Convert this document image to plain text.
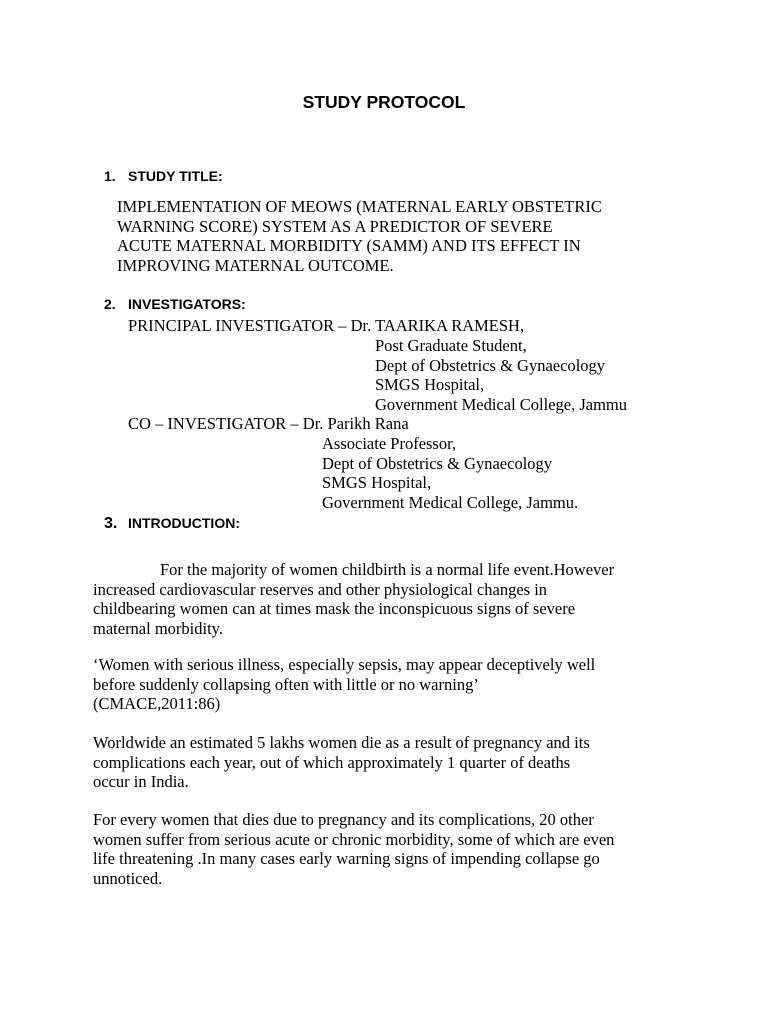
STUDY PROTOCOL
1. STUDY TITLE:
IMPLEMENTATION OF MEOWS (MATERNAL EARLY OBSTETRIC
WARNING SCORE) SYSTEM AS A PREDICTOR OF SEVERE
ACUTE MATERNAL MORBIDITY (SAMM) AND ITS EFFECT IN
IMPROVING MATERNAL OUTCOME.
2. INVESTIGATORS:
PRINCIPAL INVESTIGATOR – Dr. TAARIKA RAMESH,
Post Graduate Student,
Dept of Obstetrics & Gynaecology
SMGS Hospital,
Government Medical College, Jammu
CO – INVESTIGATOR – Dr. Parikh Rana
Associate Professor,
Dept of Obstetrics & Gynaecology
SMGS Hospital,
Government Medical College, Jammu.
3. INTRODUCTION:
For the majority of women childbirth is a normal life event.However
increased cardiovascular reserves and other physiological changes in
childbearing women can at times mask the inconspicuous signs of severe
maternal morbidity.
‘Women with serious illness, especially sepsis, may appear deceptively well
before suddenly collapsing often with little or no warning’
(CMACE,2011:86)
Worldwide an estimated 5 lakhs women die as a result of pregnancy and its
complications each year, out of which approximately 1 quarter of deaths
occur in India.
For every women that dies due to pregnancy and its complications, 20 other
women suffer from serious acute or chronic morbidity, some of which are even
life threatening .In many cases early warning signs of impending collapse go
unnoticed.
